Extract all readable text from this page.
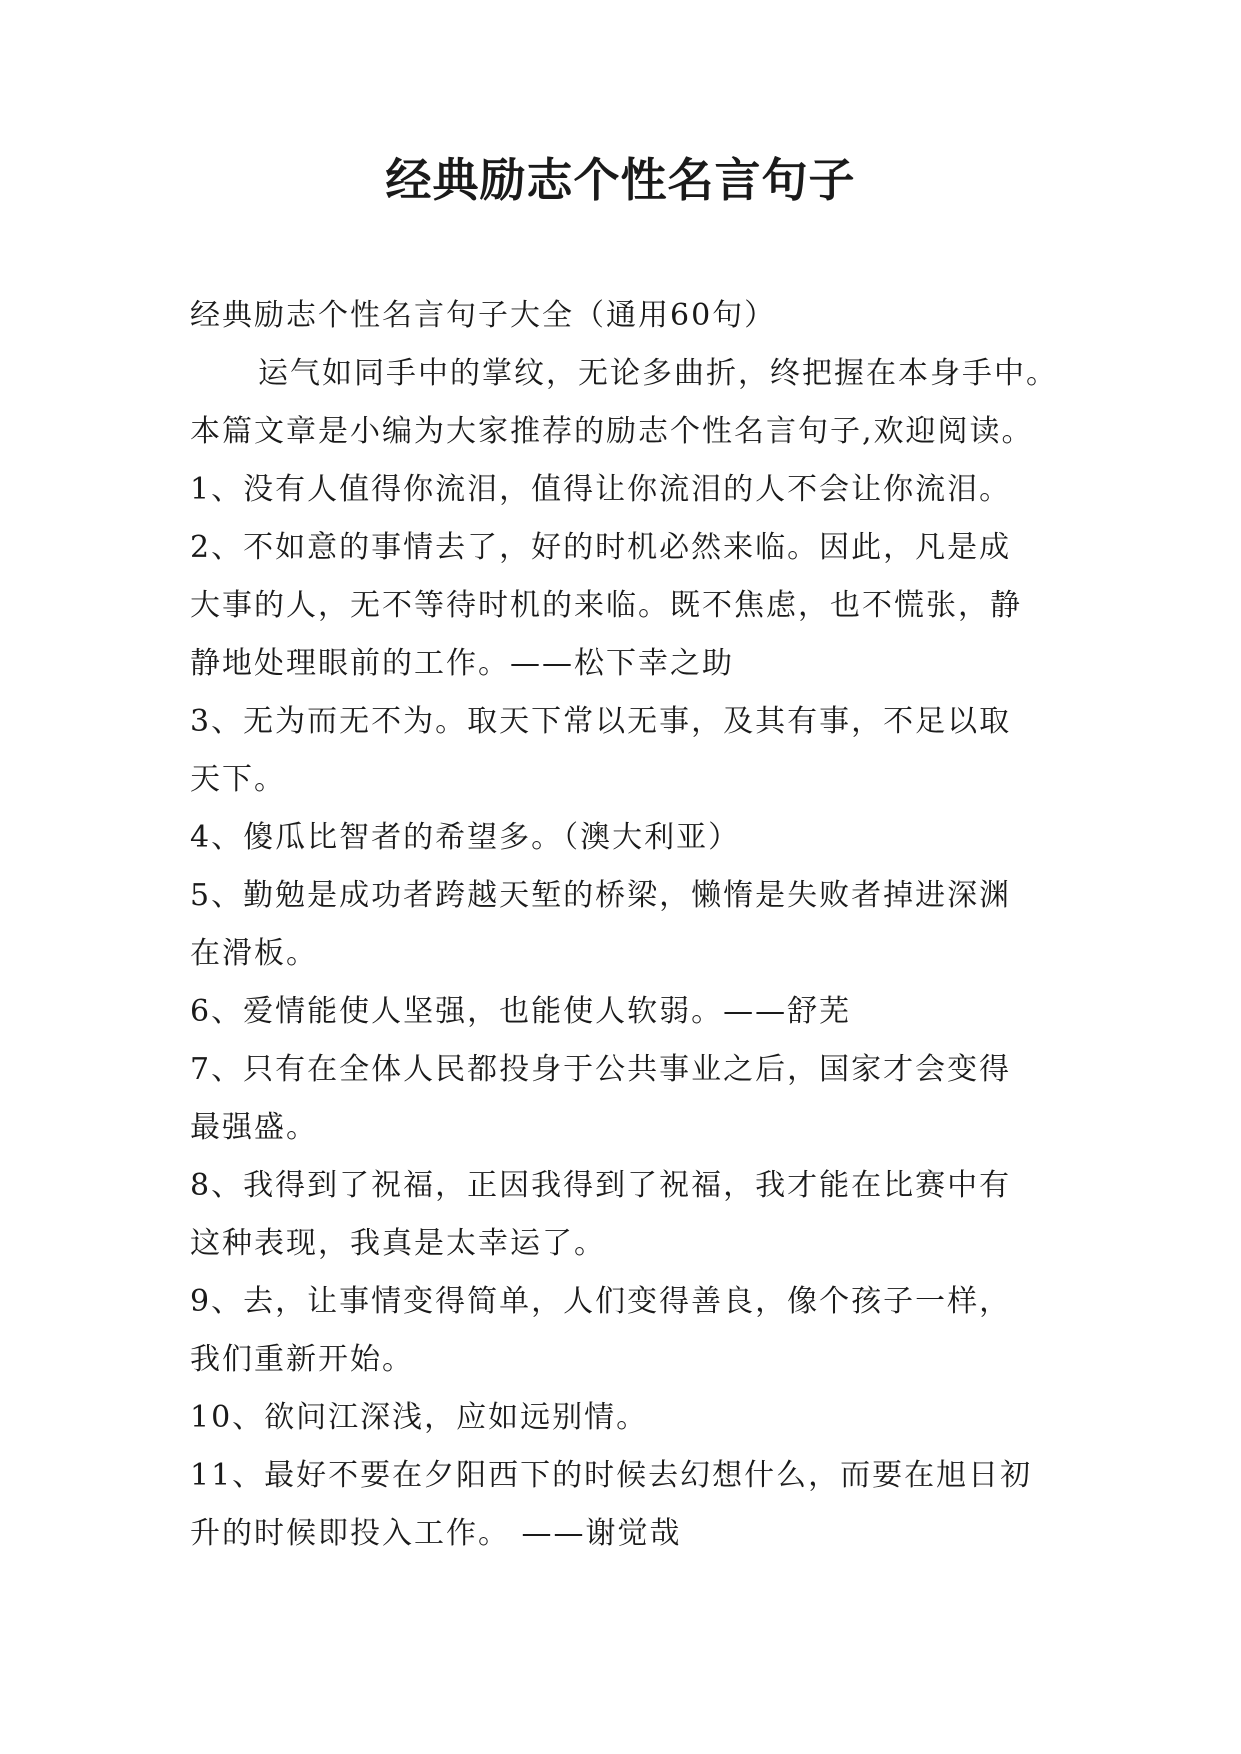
经典励志个性名言句子
经典励志个性名言句子大全（通用60句）
运气如同手中的掌纹，无论多曲折，终把握在本身手中。
本篇文章是小编为大家推荐的励志个性名言句子,欢迎阅读。
1、没有人值得你流泪，值得让你流泪的人不会让你流泪。
2、不如意的事情去了，好的时机必然来临。因此，凡是成
大事的人，无不等待时机的来临。既不焦虑，也不慌张，静
静地处理眼前的工作。——松下幸之助
3、无为而无不为。取天下常以无事，及其有事，不足以取
天下。
4、傻瓜比智者的希望多。（澳大利亚）
5、勤勉是成功者跨越天堑的桥梁，懒惰是失败者掉进深渊
在滑板。
6、爱情能使人坚强，也能使人软弱。——舒芜
7、只有在全体人民都投身于公共事业之后，国家才会变得
最强盛。
8、我得到了祝福，正因我得到了祝福，我才能在比赛中有
这种表现，我真是太幸运了。
9、去，让事情变得简单，人们变得善良，像个孩子一样，
我们重新开始。
10、欲问江深浅，应如远别情。
11、最好不要在夕阳西下的时候去幻想什么，而要在旭日初
升的时候即投入工作。 ——谢觉哉
